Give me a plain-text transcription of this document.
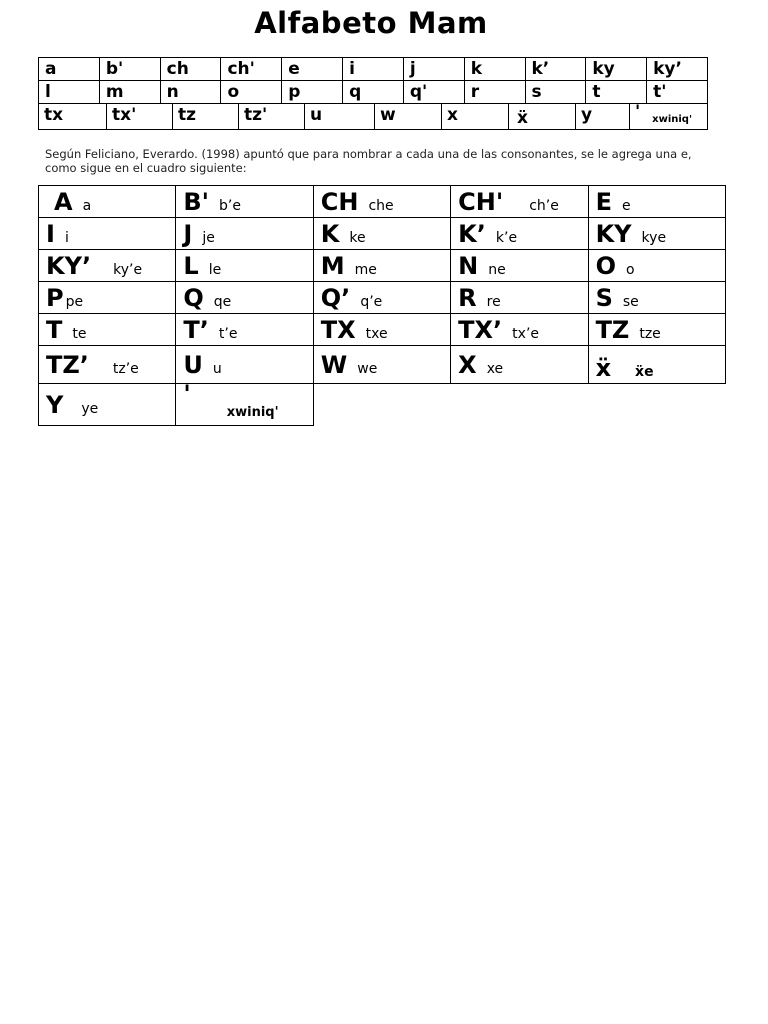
Alfabeto Mam
a	b'	ch	ch'	e	i	j	k	k’	ky	ky’
l	m	n	o	p	q	q'	r	s	t	t'
tx	tx'	tz	tz'	u	w	x	ẍ	y	' $_{xwiniq'}$
Según Feliciano, Everardo. (1998) apuntó que para nombrar a cada una de las consonantes, se le agrega una e, como sigue en el cuadro siguiente:
A a	B' b’e	CH che	CH' ch’e	E e
I i	J je	K ke	K’ k’e	KY kye
KY’ ky’e	L le	M me	N ne	O o
P pe	Q qe	Q’ q’e	R re	S se
T te	T’ t’e	TX txe	TX’ tx’e	TZ tze
TZ’ tz’e	U u	W we	X xe	ẍ ẍe
Y ye	'$_{xwiniq'}$			
